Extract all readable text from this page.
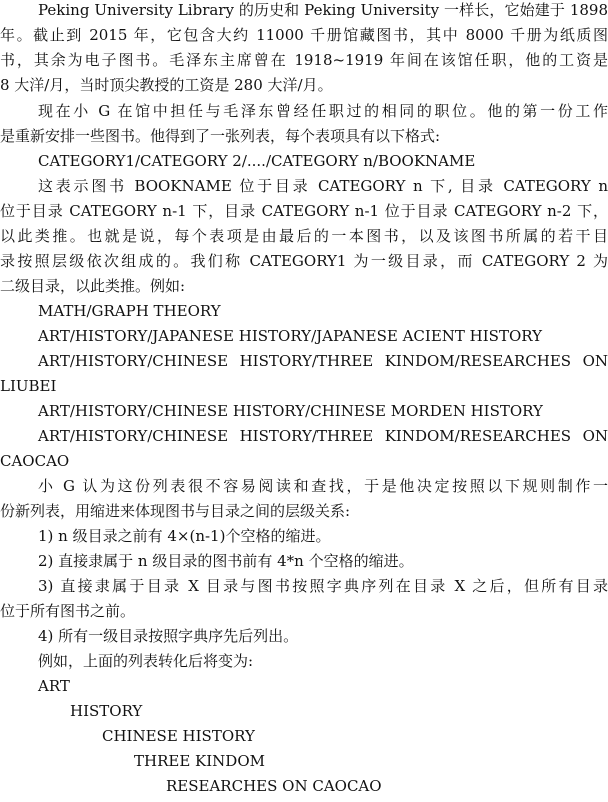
Peking University Library 的历史和 Peking University 一样长，它始建于 1898
年。截止到 2015 年，它包含大约 11000 千册馆藏图书，其中 8000 千册为纸质图
书，其余为电子图书。毛泽东主席曾在 1918~1919 年间在该馆任职，他的工资是
8 大洋/月，当时顶尖教授的工资是 280 大洋/月。
现在小 G 在馆中担任与毛泽东曾经任职过的相同的职位。他的第一份工作
是重新安排一些图书。他得到了一张列表，每个表项具有以下格式:
CATEGORY1/CATEGORY 2/..../CATEGORY n/BOOKNAME
这表示图书 BOOKNAME 位于目录 CATEGORY n 下, 目录 CATEGORY n
位于目录 CATEGORY n-1 下，目录 CATEGORY n-1 位于目录 CATEGORY n-2 下，
以此类推。也就是说，每个表项是由最后的一本图书，以及该图书所属的若干目
录按照层级依次组成的。我们称 CATEGORY1 为一级目录，而 CATEGORY 2 为
二级目录，以此类推。例如:
MATH/GRAPH THEORY
ART/HISTORY/JAPANESE HISTORY/JAPANESE ACIENT HISTORY
ART/HISTORY/CHINESE HISTORY/THREE KINDOM/RESEARCHES ON
LIUBEI
ART/HISTORY/CHINESE HISTORY/CHINESE MORDEN HISTORY
ART/HISTORY/CHINESE HISTORY/THREE KINDOM/RESEARCHES ON
CAOCAO
小 G 认为这份列表很不容易阅读和查找，于是他决定按照以下规则制作一
份新列表，用缩进来体现图书与目录之间的层级关系:
1) n 级目录之前有 4×(n-1)个空格的缩进。
2) 直接隶属于 n 级目录的图书前有 4*n 个空格的缩进。
3) 直接隶属于目录 X 目录与图书按照字典序列在目录 X 之后，但所有目录
位于所有图书之前。
4) 所有一级目录按照字典序先后列出。
例如，上面的列表转化后将变为:
ART
HISTORY
CHINESE HISTORY
THREE KINDOM
RESEARCHES ON CAOCAO
